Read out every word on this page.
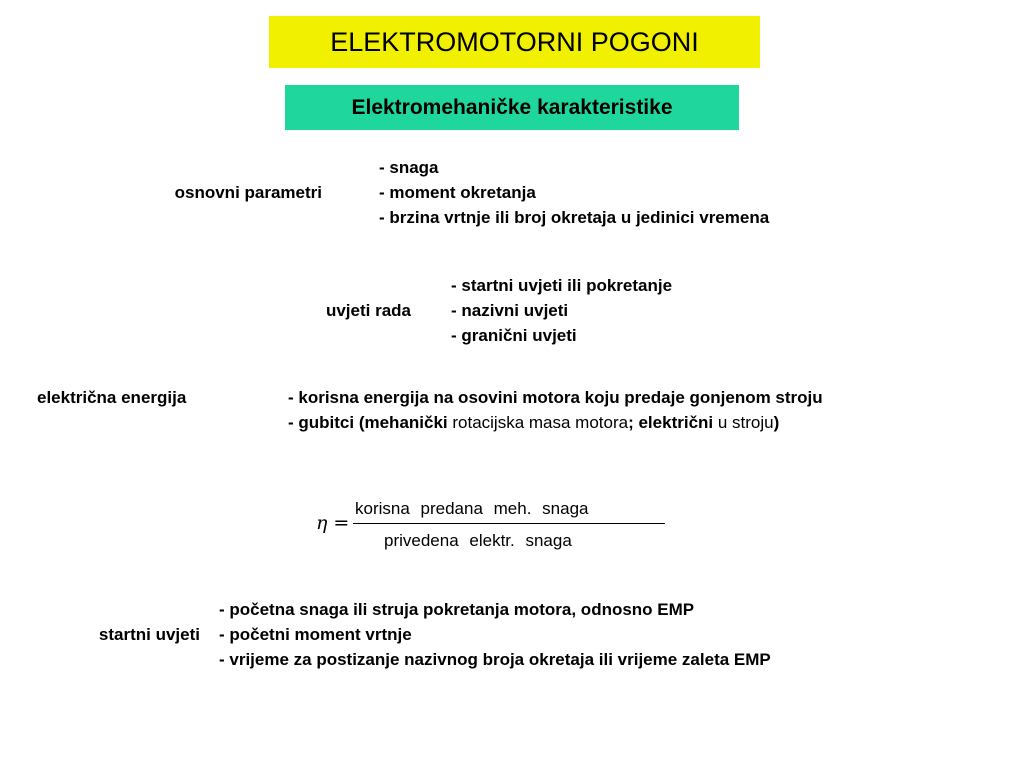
ELEKTROMOTORNI POGONI
Elektromehaničke karakteristike
osnovni parametri
- snaga
- moment okretanja
- brzina vrtnje ili broj okretaja u jedinici vremena
uvjeti rada
- startni uvjeti ili pokretanje
- nazivni uvjeti
- granični uvjeti
električna energija	- korisna energija na osovini motora koju predaje gonjenom stroju
- gubitci (mehanički rotacijska masa motora; električni u stroju)
η =
korisna predana meh. snaga
privedena elektr. snaga
startni uvjeti
- početna snaga ili struja pokretanja motora, odnosno EMP
- početni moment vrtnje
- vrijeme za postizanje nazivnog broja okretaja ili vrijeme zaleta EMP
